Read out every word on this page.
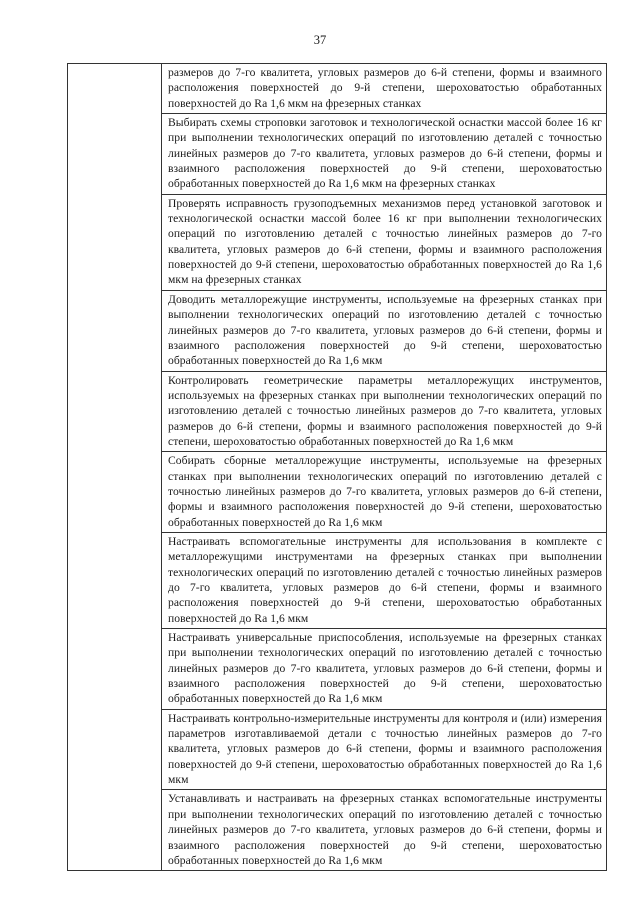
37
	размеров до 7-го квалитета, угловых размеров до 6-й степени, формы и взаимного расположения поверхностей до 9-й степени, шероховатостью обработанных поверхностей до Ra 1,6 мкм на фрезерных станках
Выбирать схемы строповки заготовок и технологической оснастки массой более 16 кг при выполнении технологических операций по изготовлению деталей с точностью линейных размеров до 7-го квалитета, угловых размеров до 6-й степени, формы и взаимного расположения поверхностей до 9-й степени, шероховатостью обработанных поверхностей до Ra 1,6 мкм на фрезерных станках
Проверять исправность грузоподъемных механизмов перед установкой заготовок и технологической оснастки массой более 16 кг при выполнении технологических операций по изготовлению деталей с точностью линейных размеров до 7-го квалитета, угловых размеров до 6-й степени, формы и взаимного расположения поверхностей до 9-й степени, шероховатостью обработанных поверхностей до Ra 1,6 мкм на фрезерных станках
Доводить металлорежущие инструменты, используемые на фрезерных станках при выполнении технологических операций по изготовлению деталей с точностью линейных размеров до 7-го квалитета, угловых размеров до 6-й степени, формы и взаимного расположения поверхностей до 9-й степени, шероховатостью обработанных поверхностей до Ra 1,6 мкм
Контролировать геометрические параметры металлорежущих инструментов, используемых на фрезерных станках при выполнении технологических операций по изготовлению деталей с точностью линейных размеров до 7-го квалитета, угловых размеров до 6-й степени, формы и взаимного расположения поверхностей до 9-й степени, шероховатостью обработанных поверхностей до Ra 1,6 мкм
Собирать сборные металлорежущие инструменты, используемые на фрезерных станках при выполнении технологических операций по изготовлению деталей с точностью линейных размеров до 7-го квалитета, угловых размеров до 6-й степени, формы и взаимного расположения поверхностей до 9-й степени, шероховатостью обработанных поверхностей до Ra 1,6 мкм
Настраивать вспомогательные инструменты для использования в комплекте с металлорежущими инструментами на фрезерных станках при выполнении технологических операций по изготовлению деталей с точностью линейных размеров до 7-го квалитета, угловых размеров до 6-й степени, формы и взаимного расположения поверхностей до 9-й степени, шероховатостью обработанных поверхностей до Ra 1,6 мкм
Настраивать универсальные приспособления, используемые на фрезерных станках при выполнении технологических операций по изготовлению деталей с точностью линейных размеров до 7-го квалитета, угловых размеров до 6-й степени, формы и взаимного расположения поверхностей до 9-й степени, шероховатостью обработанных поверхностей до Ra 1,6 мкм
Настраивать контрольно-измерительные инструменты для контроля и (или) измерения параметров изготавливаемой детали с точностью линейных размеров до 7-го квалитета, угловых размеров до 6-й степени, формы и взаимного расположения поверхностей до 9-й степени, шероховатостью обработанных поверхностей до Ra 1,6 мкм
Устанавливать и настраивать на фрезерных станках вспомогательные инструменты при выполнении технологических операций по изготовлению деталей с точностью линейных размеров до 7-го квалитета, угловых размеров до 6-й степени, формы и взаимного расположения поверхностей до 9-й степени, шероховатостью обработанных поверхностей до Ra 1,6 мкм
